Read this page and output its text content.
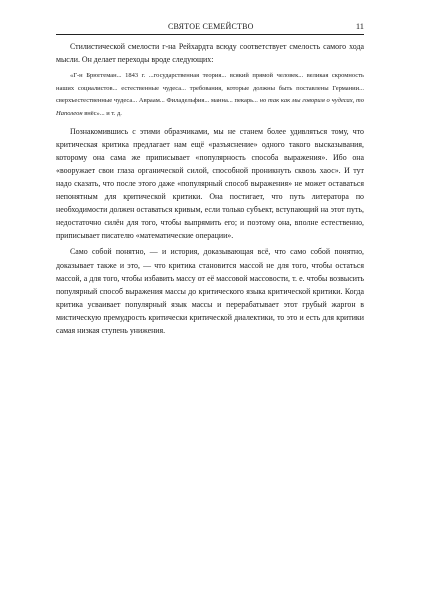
СВЯТОЕ СЕМЕЙСТВО	11

Стилистической смелости г-на Рейхардта всюду соответствует смелость самого хода мысли. Он делает переходы вроде следующих:

«Г-н Брюггеман... 1843 г. ...государственная теория... всякий прямой человек... великая скромность наших социалистов... естественные чудеса... требования, которые должны быть поставлены Германии... сверхъестественные чудеса... Авраам... Филадельфия... манна... пекарь... но так как мы говорим о чудесах, то Наполеон внёс»... и т. д.

Познакомившись с этими образчиками, мы не станем более удивляться тому, что критическая критика предлагает нам ещё «разъяснение» одного такого высказывания, которому она сама же приписывает «популярность способа выражения». Ибо она «вооружает свои глаза органической силой, способной проникнуть сквозь хаос». И тут надо сказать, что после этого даже «популярный способ выражения» не может оставаться непонятным для критической критики. Она постигает, что путь литератора по необходимости должен оставаться кривым, если только субъект, вступающий на этот путь, недостаточно силён для того, чтобы выпрямить его; и поэтому она, вполне естественно, приписывает писателю «математические операции».

Само собой понятно, — и история, доказывающая всё, что само собой понятно, доказывает также и это, — что критика становится массой не для того, чтобы остаться массой, а для того, чтобы избавить массу от её массовой массовости, т. е. чтобы возвысить популярный способ выражения массы до критического языка критической критики. Когда критика усваивает популярный язык массы и перерабатывает этот грубый жаргон в мистическую премудрость критически критической диалектики, то это и есть для критики самая низкая ступень унижения.
